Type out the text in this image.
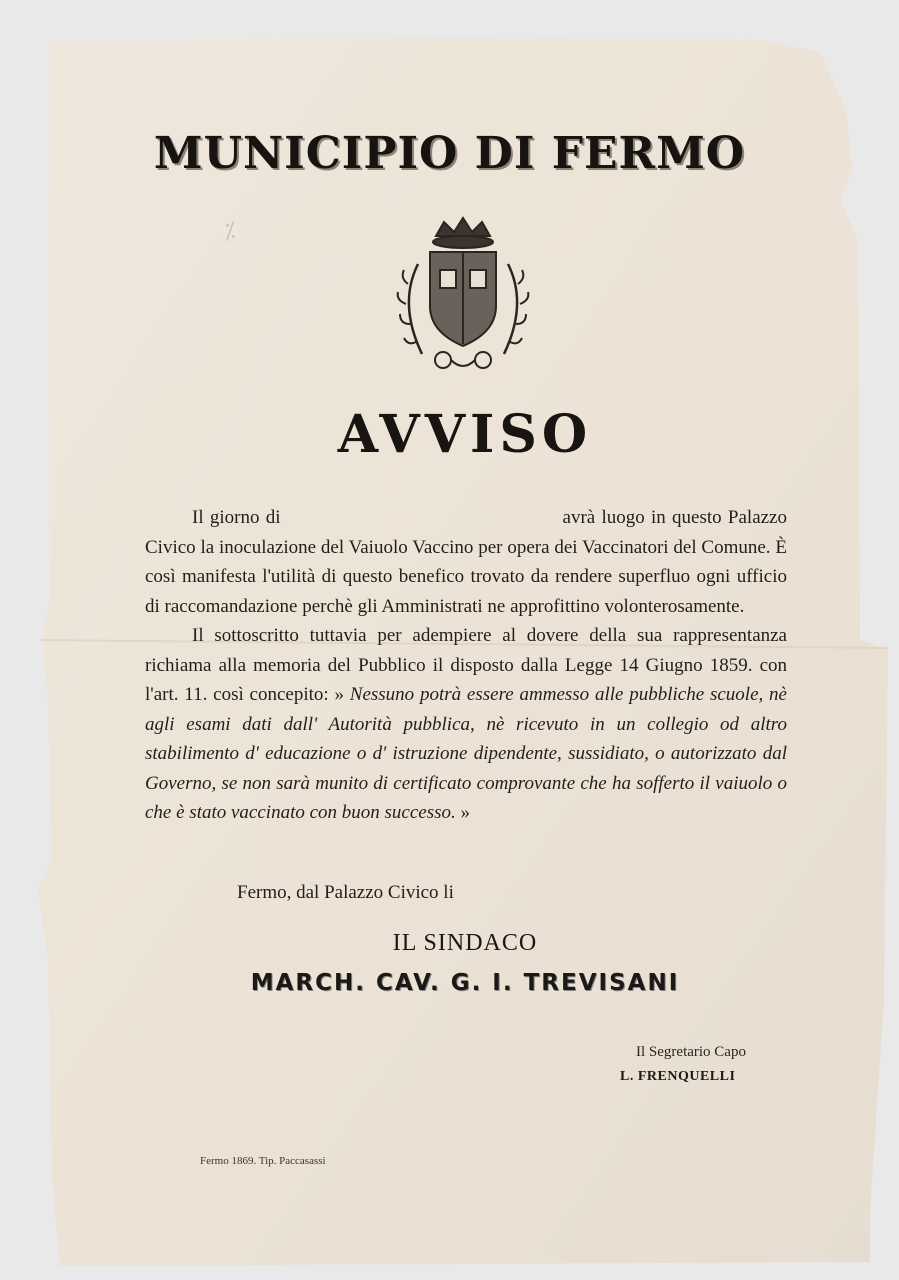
⁒
MUNICIPIO DI FERMO
AVVISO

Il giorno di	avrà luogo in questo Palazzo Civico la inoculazione del Vaiuolo Vaccino per opera dei Vaccinatori del Comune. È così manifesta l'utilità di questo benefico trovato da rendere superfluo ogni ufficio di raccomandazione perchè gli Amministrati ne approfittino volonterosamente.

Il sottoscritto tuttavia per adempiere al dovere della sua rappresentanza richiama alla memoria del Pubblico il disposto dalla Legge 14 Giugno 1859. con l'art. 11. così concepito: » Nessuno potrà essere ammesso alle pubbliche scuole, nè agli esami dati dall' Autorità pubblica, nè ricevuto in un collegio od altro stabilimento d' educazione o d' istruzione dipendente, sussidiato, o autorizzato dal Governo, se non sarà munito di certificato comprovante che ha sofferto il vaiuolo o che è stato vaccinato con buon successo. »

Fermo, dal Palazzo Civico li
IL SINDACO
MARCH. CAV. G. I. TREVISANI
Il Segretario Capo
L. FRENQUELLI
Fermo 1869. Tip. Paccasassi
